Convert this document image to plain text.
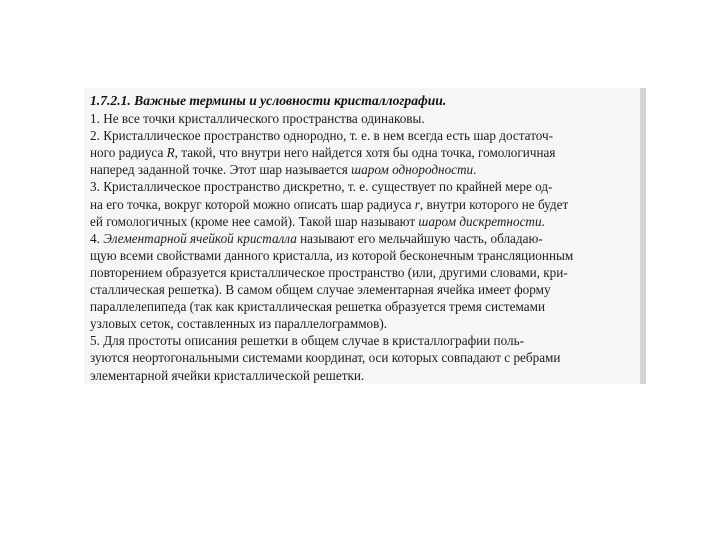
1.7.2.1. Важные термины и условности кристаллографии.
1. Не все точки кристаллического пространства одинаковы.
2. Кристаллическое пространство однородно, т. е. в нем всегда есть шар достаточ-
ного радиуса R, такой, что внутри него найдется хотя бы одна точка, гомологичная
наперед заданной точке. Этот шар называется шаром однородности.
3. Кристаллическое пространство дискретно, т. е. существует по крайней мере од-
на его точка, вокруг которой можно описать шар радиуса r, внутри которого не будет
ей гомологичных (кроме нее самой). Такой шар называют шаром дискретности.
4. Элементарной ячейкой кристалла называют его мельчайшую часть, обладаю-
щую всеми свойствами данного кристалла, из которой бесконечным трансляционным
повторением образуется кристаллическое пространство (или, другими словами, кри-
сталлическая решетка). В самом общем случае элементарная ячейка имеет форму
параллелепипеда (так как кристаллическая решетка образуется тремя системами
узловых сеток, составленных из параллелограммов).
5. Для простоты описания решетки в общем случае в кристаллографии поль-
зуются неортогональными системами координат, оси которых совпадают с ребрами
элементарной ячейки кристаллической решетки.
